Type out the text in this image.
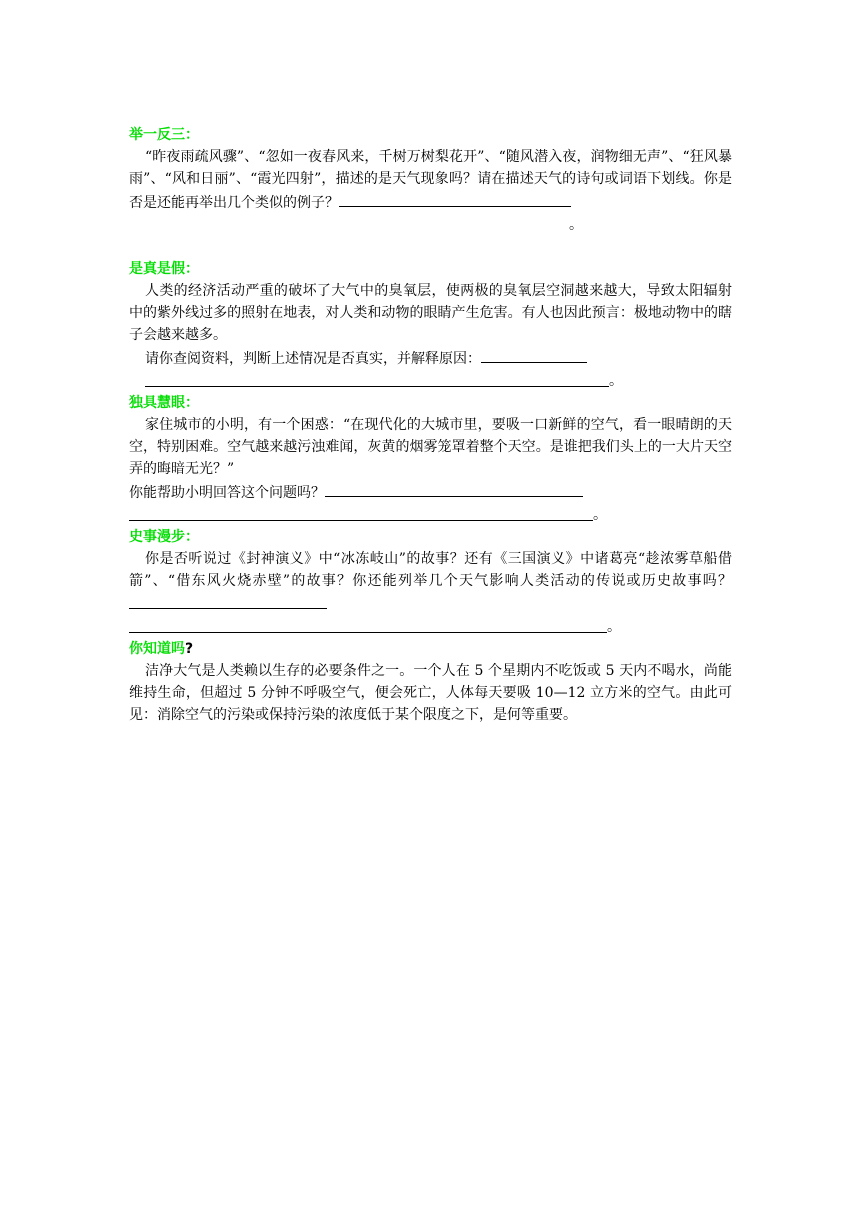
举一反三：

“昨夜雨疏风骤”、“忽如一夜春风来，千树万树梨花开”、“随风潜入夜，润物细无声”、“狂风暴雨”、“风和日丽”、“霞光四射”，描述的是天气现象吗？请在描述天气的诗句或词语下划线。你是否是还能再举出几个类似的例子？

。
是真是假：

人类的经济活动严重的破坏了大气中的臭氧层，使两极的臭氧层空洞越来越大，导致太阳辐射中的紫外线过多的照射在地表，对人类和动物的眼睛产生危害。有人也因此预言：极地动物中的瞎子会越来越多。

请你查阅资料，判断上述情况是否真实，并解释原因：

。
独具慧眼：

家住城市的小明，有一个困惑：“在现代化的大城市里，要吸一口新鲜的空气，看一眼晴朗的天空，特别困难。空气越来越污浊难闻，灰黄的烟雾笼罩着整个天空。是谁把我们头上的一大片天空弄的晦暗无光？”

你能帮助小明回答这个问题吗？

。
史事漫步：

你是否听说过《封神演义》中“冰冻岐山”的故事？还有《三国演义》中诸葛亮“趁浓雾草船借箭”、“借东风火烧赤壁”的故事？你还能列举几个天气影响人类活动的传说或历史故事吗？

。
你知道吗?

洁净大气是人类赖以生存的必要条件之一。一个人在 5 个星期内不吃饭或 5 天内不喝水，尚能维持生命，但超过 5 分钟不呼吸空气，便会死亡，人体每天要吸 10—12 立方米的空气。由此可见：消除空气的污染或保持污染的浓度低于某个限度之下，是何等重要。
